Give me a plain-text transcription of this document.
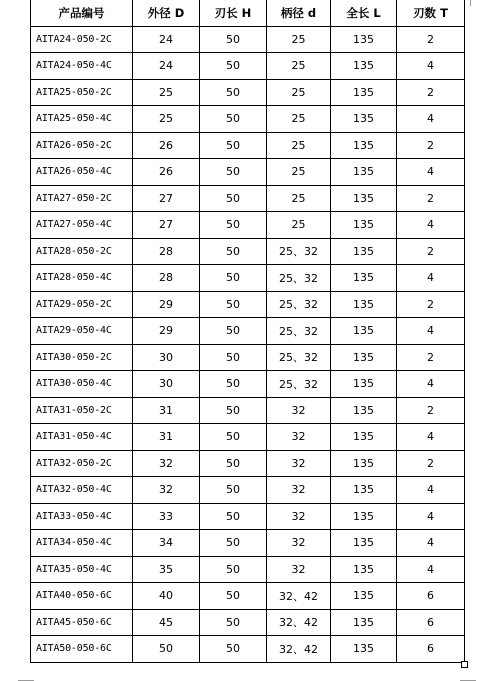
产品编号	外径 D	刃长 H	柄径 d	全长 L	刃数 T
AITA24-050-2C	24	50	25	135	2
AITA24-050-4C	24	50	25	135	4
AITA25-050-2C	25	50	25	135	2
AITA25-050-4C	25	50	25	135	4
AITA26-050-2C	26	50	25	135	2
AITA26-050-4C	26	50	25	135	4
AITA27-050-2C	27	50	25	135	2
AITA27-050-4C	27	50	25	135	4
AITA28-050-2C	28	50	25、32	135	2
AITA28-050-4C	28	50	25、32	135	4
AITA29-050-2C	29	50	25、32	135	2
AITA29-050-4C	29	50	25、32	135	4
AITA30-050-2C	30	50	25、32	135	2
AITA30-050-4C	30	50	25、32	135	4
AITA31-050-2C	31	50	32	135	2
AITA31-050-4C	31	50	32	135	4
AITA32-050-2C	32	50	32	135	2
AITA32-050-4C	32	50	32	135	4
AITA33-050-4C	33	50	32	135	4
AITA34-050-4C	34	50	32	135	4
AITA35-050-4C	35	50	32	135	4
AITA40-050-6C	40	50	32、42	135	6
AITA45-050-6C	45	50	32、42	135	6
AITA50-050-6C	50	50	32、42	135	6
